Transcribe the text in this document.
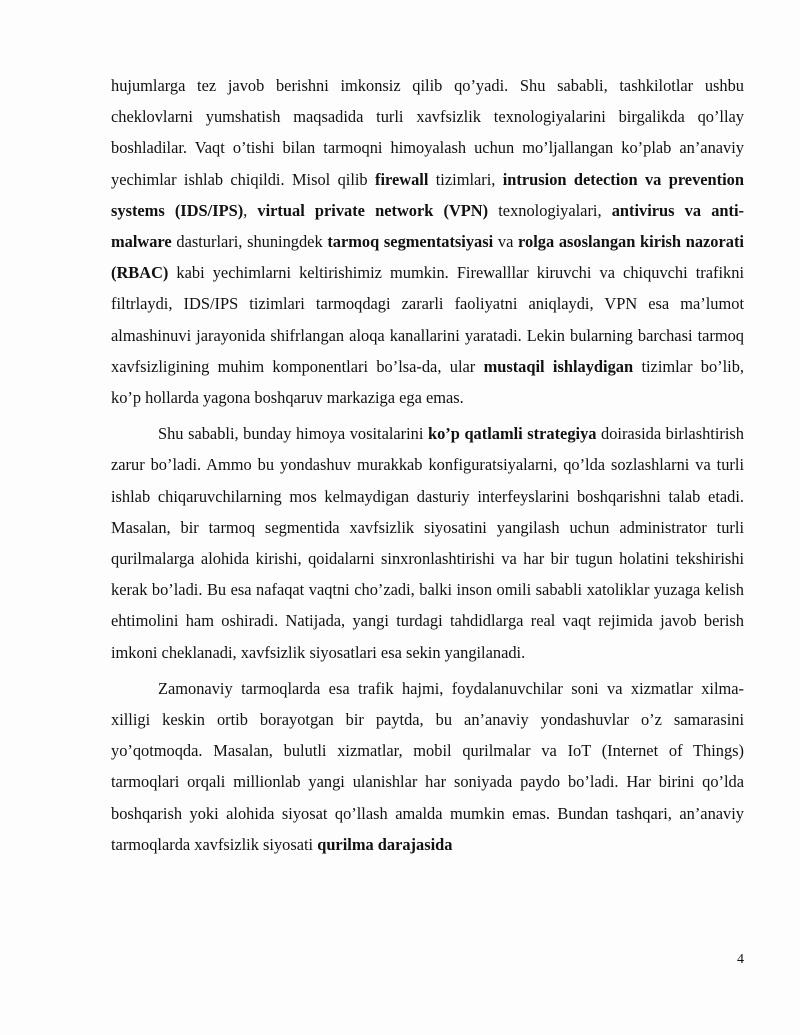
hujumlarga tez javob berishni imkonsiz qilib qo’yadi. Shu sababli, tashkilotlar ushbu cheklovlarni yumshatish maqsadida turli xavfsizlik texnologiyalarini birgalikda qo’llay boshladilar. Vaqt o’tishi bilan tarmoqni himoyalash uchun mo’ljallangan ko’plab an’anaviy yechimlar ishlab chiqildi. Misol qilib firewall tizimlari, intrusion detection va prevention systems (IDS/IPS), virtual private network (VPN) texnologiyalari, antivirus va anti-malware dasturlari, shuningdek tarmoq segmentatsiyasi va rolga asoslangan kirish nazorati (RBAC) kabi yechimlarni keltirishimiz mumkin. Firewalllar kiruvchi va chiquvchi trafikni filtrlaydi, IDS/IPS tizimlari tarmoqdagi zararli faoliyatni aniqlaydi, VPN esa ma’lumot almashinuvi jarayonida shifrlangan aloqa kanallarini yaratadi. Lekin bularning barchasi tarmoq xavfsizligining muhim komponentlari bo’lsa-da, ular mustaqil ishlaydigan tizimlar bo’lib, ko’p hollarda yagona boshqaruv markaziga ega emas.

Shu sababli, bunday himoya vositalarini ko’p qatlamli strategiya doirasida birlashtirish zarur bo’ladi. Ammo bu yondashuv murakkab konfiguratsiyalarni, qo’lda sozlashlarni va turli ishlab chiqaruvchilarning mos kelmaydigan dasturiy interfeyslarini boshqarishni talab etadi. Masalan, bir tarmoq segmentida xavfsizlik siyosatini yangilash uchun administrator turli qurilmalarga alohida kirishi, qoidalarni sinxronlashtirishi va har bir tugun holatini tekshirishi kerak bo’ladi. Bu esa nafaqat vaqtni cho’zadi, balki inson omili sababli xatoliklar yuzaga kelish ehtimolini ham oshiradi. Natijada, yangi turdagi tahdidlarga real vaqt rejimida javob berish imkoni cheklanadi, xavfsizlik siyosatlari esa sekin yangilanadi.

Zamonaviy tarmoqlarda esa trafik hajmi, foydalanuvchilar soni va xizmatlar xilma-xilligi keskin ortib borayotgan bir paytda, bu an’anaviy yondashuvlar o’z samarasini yo’qotmoqda. Masalan, bulutli xizmatlar, mobil qurilmalar va IoT (Internet of Things) tarmoqlari orqali millionlab yangi ulanishlar har soniyada paydo bo’ladi. Har birini qo’lda boshqarish yoki alohida siyosat qo’llash amalda mumkin emas. Bundan tashqari, an’anaviy tarmoqlarda xavfsizlik siyosati qurilma darajasida

4
